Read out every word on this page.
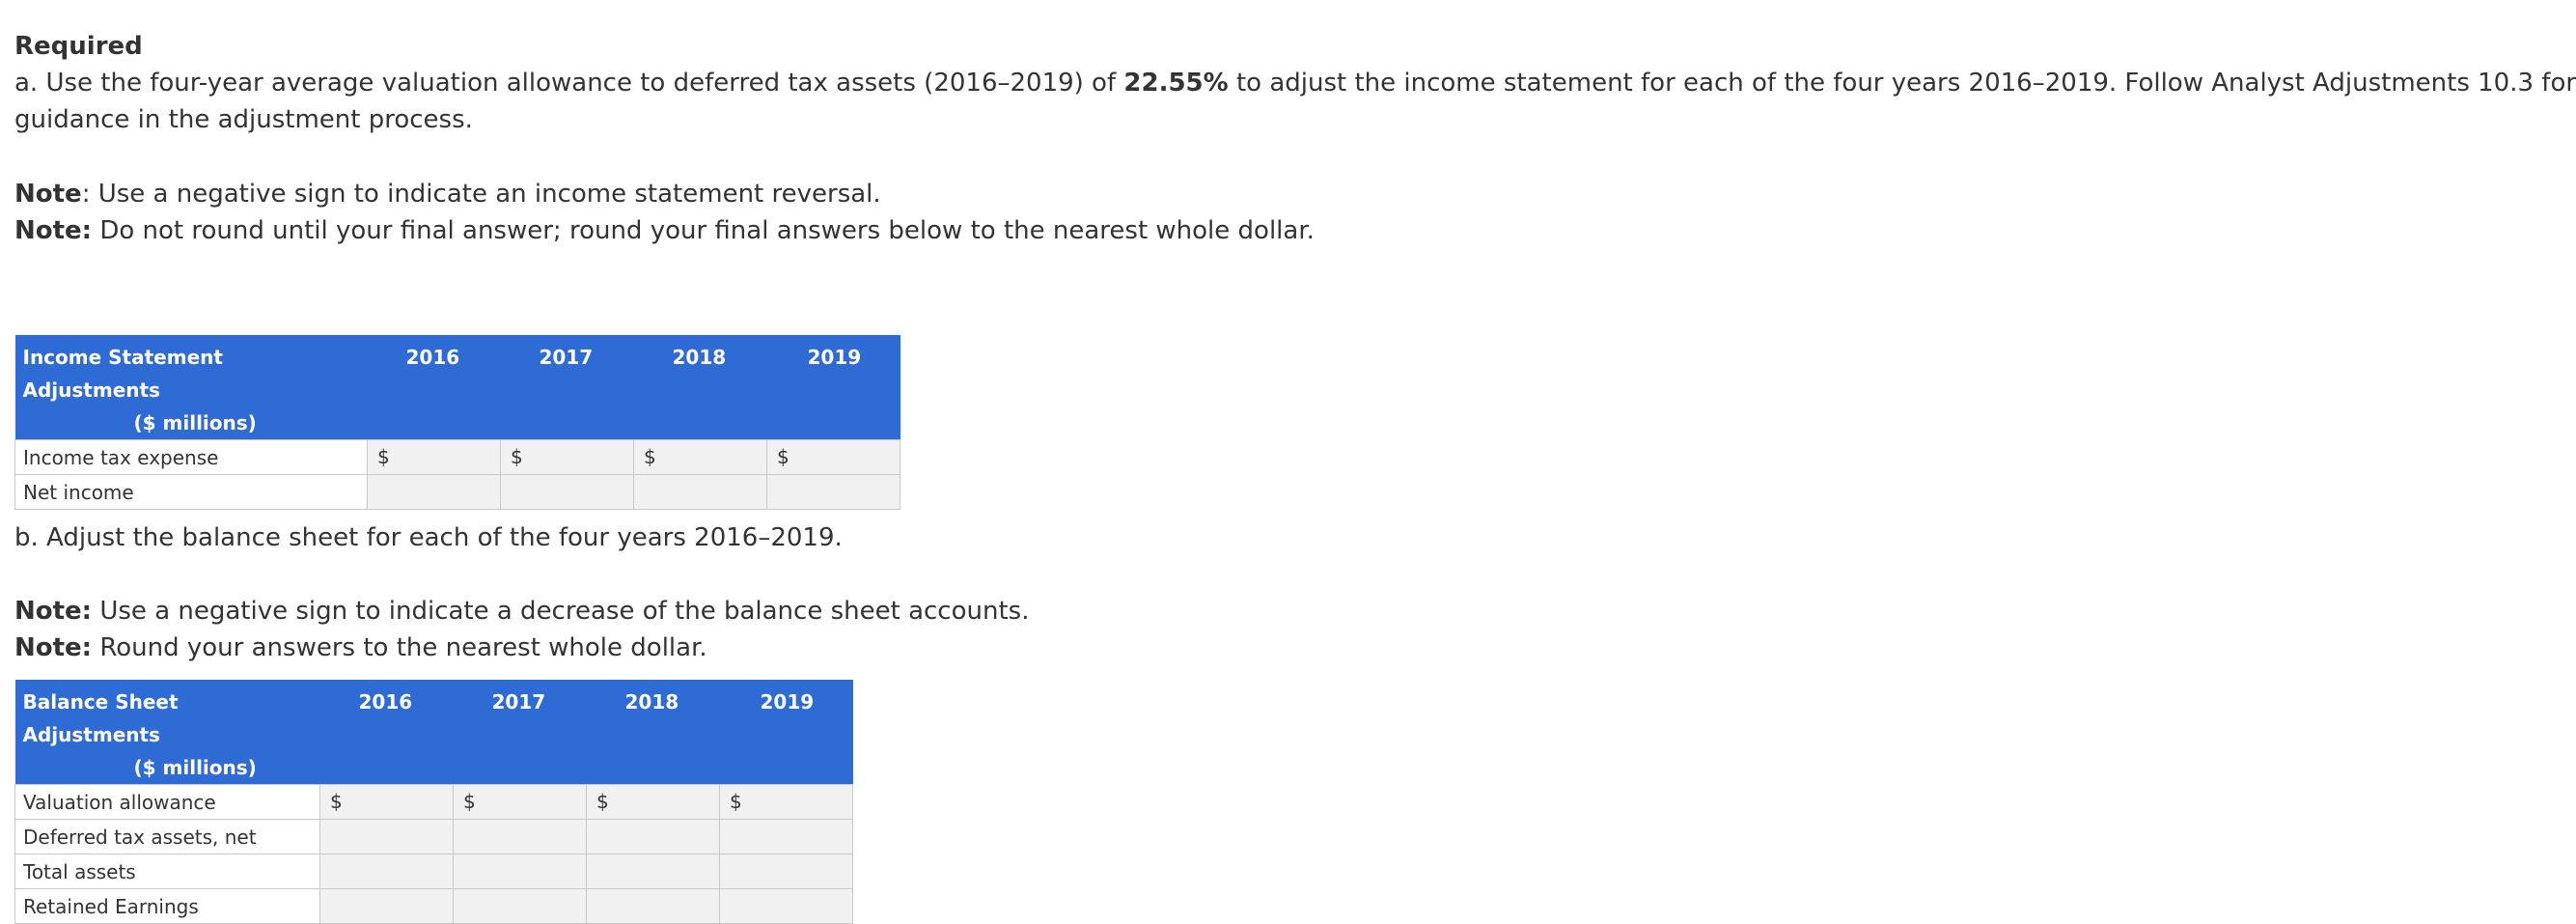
Required
a. Use the four-year average valuation allowance to deferred tax assets (2016–2019) of 22.55% to adjust the income statement for each of the four years 2016–2019. Follow Analyst Adjustments 10.3 for
guidance in the adjustment process.
Note: Use a negative sign to indicate an income statement reversal.
Note: Do not round until your final answer; round your final answers below to the nearest whole dollar.
Income Statement Adjustments
($ millions)	2016	2017	2018	2019

Income tax expense	$	$	$	$

Net income	

b. Adjust the balance sheet for each of the four years 2016–2019.
Note: Use a negative sign to indicate a decrease of the balance sheet accounts.
Note: Round your answers to the nearest whole dollar.
Balance Sheet Adjustments
($ millions)	2016	2017	2018	2019

Valuation allowance	$	$	$	$

Deferred tax assets, net	

Total assets	

Retained Earnings	
